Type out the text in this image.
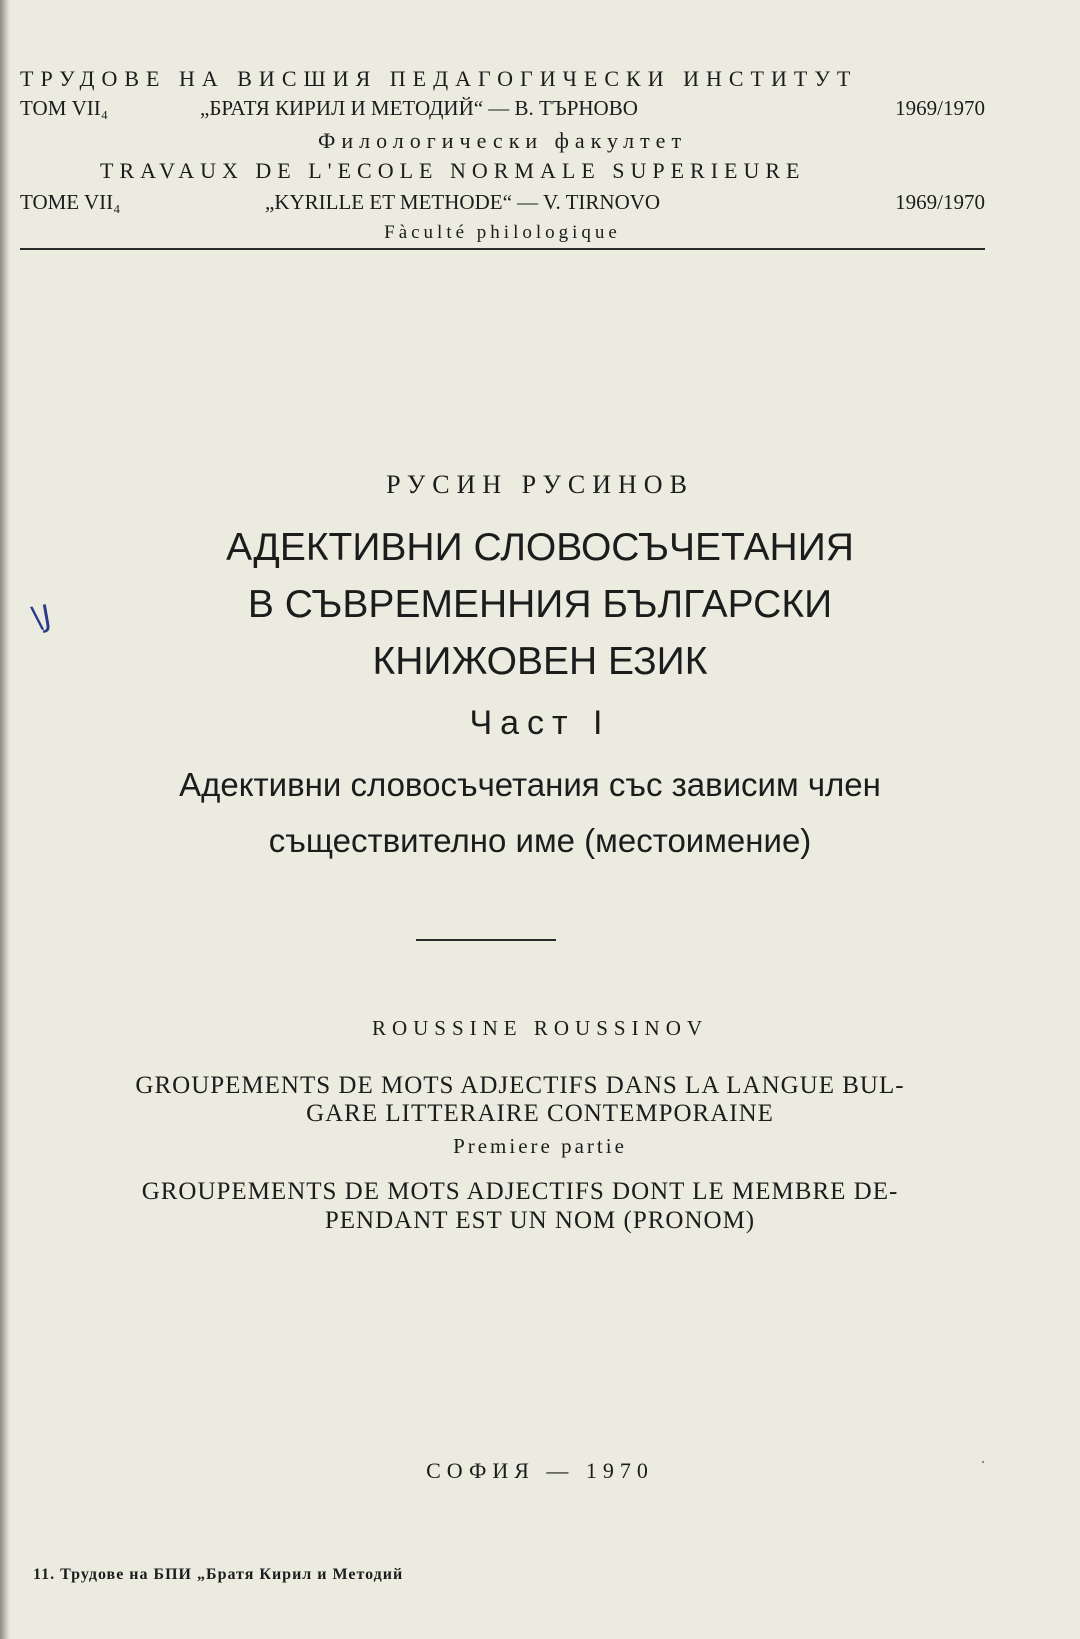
ТРУДОВЕ НА ВИСШИЯ ПЕДАГОГИЧЕСКИ ИНСТИТУТ
ТОМ VII₄	„БРАТЯ КИРИЛ И МЕТОДИЙ“ — В. ТЪРНОВО	1969/1970
Филологически факултет
TRAVAUX DE L'ECOLE NORMALE SUPERIEURE
TOME VII₄	„KYRILLE ET METHODE“ — V. TIRNOVO	1969/1970
Fàculté philologique
РУСИН РУСИНОВ
АДЕКТИВНИ СЛОВОСЪЧЕТАНИЯ
В СЪВРЕМЕННИЯ БЪЛГАРСКИ
КНИЖОВЕН ЕЗИК
\J
Част I
Адективни словосъчетания със зависим член
съществително име (местоимение)
ROUSSINE ROUSSINOV
GROUPEMENTS DE MOTS ADJECTIFS DANS LA LANGUE BUL-
GARE LITTERAIRE CONTEMPORAINE
Premiere partie
GROUPEMENTS DE MOTS ADJECTIFS DONT LE MEMBRE DE-
PENDANT EST UN NOM (PRONOM)
СОФИЯ — 1970	·
11. Трудове на БПИ „Братя Кирил и Методий
